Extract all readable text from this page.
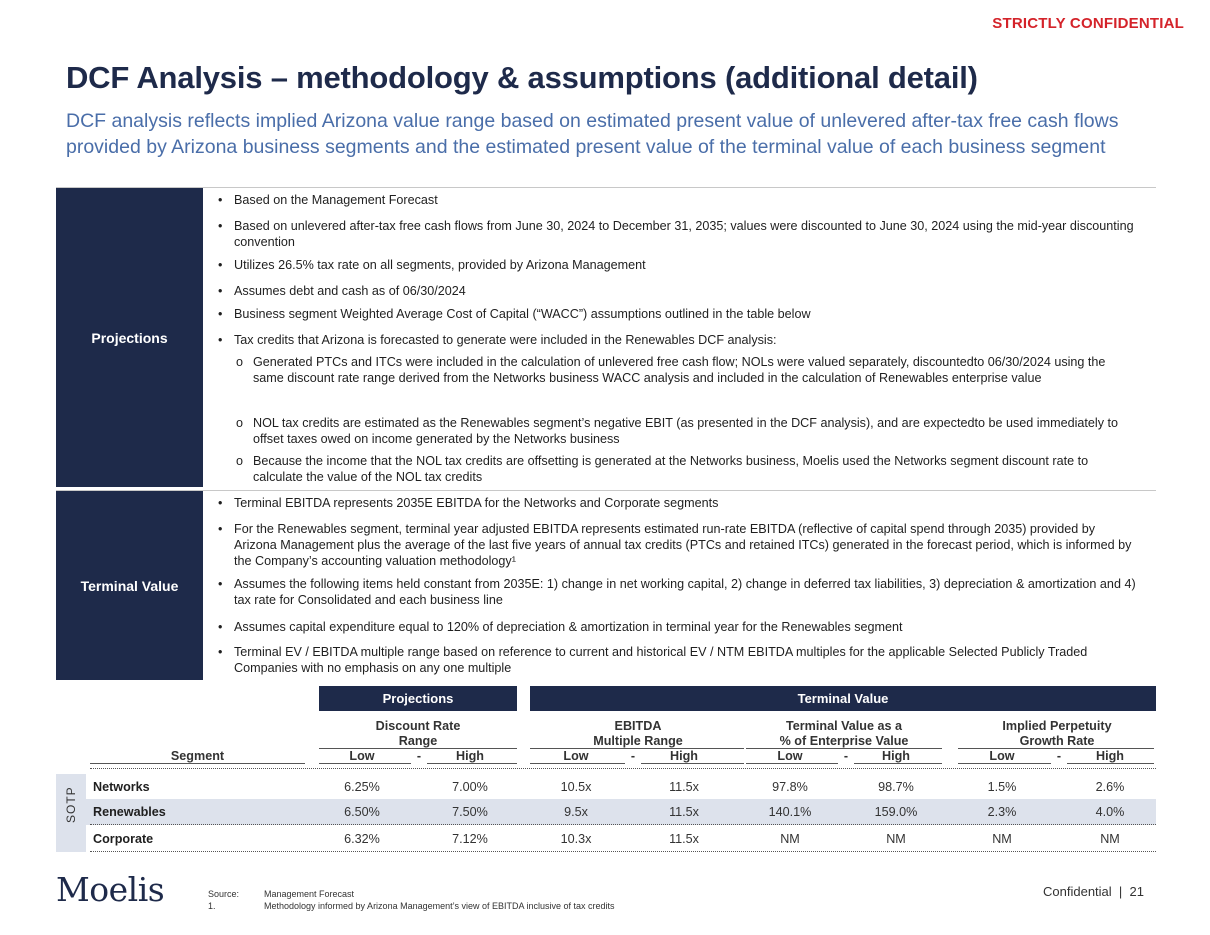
STRICTLY CONFIDENTIAL
DCF Analysis – methodology & assumptions (additional detail)
DCF analysis reflects implied Arizona value range based on estimated present value of unlevered after-tax free cash flows provided by Arizona business segments and the estimated present value of the terminal value of each business segment
Projections
• Based on the Management Forecast
• Based on unlevered after-tax free cash flows from June 30, 2024 to December 31, 2035; values were discounted to June 30, 2024 using the mid-year discounting convention
• Utilizes 26.5% tax rate on all segments, provided by Arizona Management
• Assumes debt and cash as of 06/30/2024
• Business segment Weighted Average Cost of Capital (“WACC”) assumptions outlined in the table below
• Tax credits that Arizona is forecasted to generate were included in the Renewables DCF analysis:
o Generated PTCs and ITCs were included in the calculation of unlevered free cash flow; NOLs were valued separately, discountedto 06/30/2024 using the same discount rate range derived from the Networks business WACC analysis and included in the calculation of Renewables enterprise value
o NOL tax credits are estimated as the Renewables segment’s negative EBIT (as presented in the DCF analysis), and are expectedto be used immediately to offset taxes owed on income generated by the Networks business
o Because the income that the NOL tax credits are offsetting is generated at the Networks business, Moelis used the Networks segment discount rate to calculate the value of the NOL tax credits
Terminal Value
• Terminal EBITDA represents 2035E EBITDA for the Networks and Corporate segments
• For the Renewables segment, terminal year adjusted EBITDA represents estimated run-rate EBITDA (reflective of capital spend through 2035) provided by Arizona Management plus the average of the last five years of annual tax credits (PTCs and retained ITCs) generated in the forecast period, which is informed by the Company’s accounting valuation methodology¹
• Assumes the following items held constant from 2035E: 1) change in net working capital, 2) change in deferred tax liabilities, 3) depreciation & amortization and 4) tax rate for Consolidated and each business line
• Assumes capital expenditure equal to 120% of depreciation & amortization in terminal year for the Renewables segment
• Terminal EV / EBITDA multiple range based on reference to current and historical EV / NTM EBITDA multiples for the applicable Selected Publicly Traded Companies with no emphasis on any one multiple
Projections	Terminal Value
SOTP
Segment
Discount Rate
Range
Low	-	High
EBITDA
Multiple Range
Low	-	High
Terminal Value as a
% of Enterprise Value
Low	-	High
Implied Perpetuity
Growth Rate
Low	-	High
Networks	6.25%	7.00%	10.5x	11.5x	97.8%	98.7%	1.5%	2.6%
Renewables	6.50%	7.50%	9.5x	11.5x	140.1%	159.0%	2.3%	4.0%
Corporate	6.32%	7.12%	10.3x	11.5x	NM	NM	NM	NM
Moelis	Source:	Management Forecast
1.	Methodology informed by Arizona Management’s view of EBITDA inclusive of tax credits
Confidential | 21
